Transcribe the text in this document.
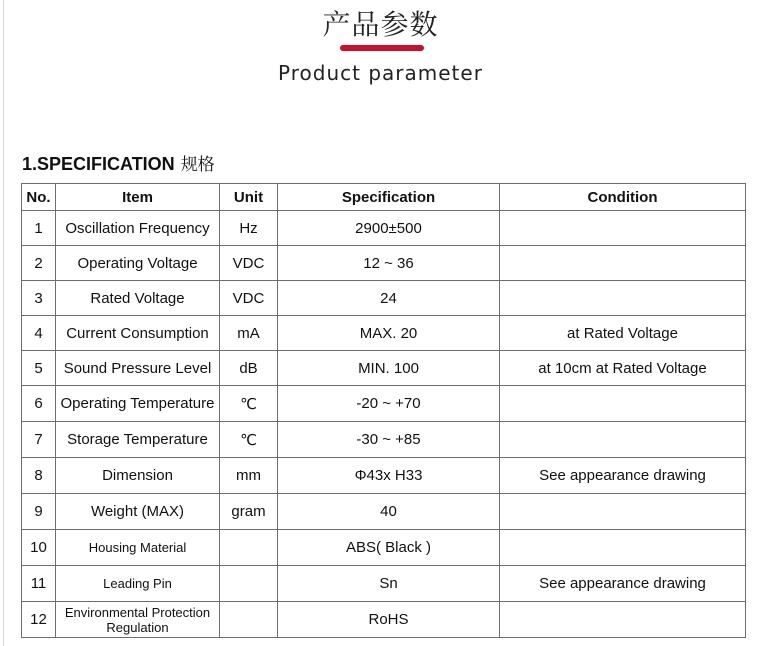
产品参数
Product parameter
1.SPECIFICATION 规格
No.	Item	Unit	Specification	Condition
1	Oscillation Frequency	Hz	2900±500	
2	Operating Voltage	VDC	12 ~ 36	
3	Rated Voltage	VDC	24	
4	Current Consumption	mA	MAX. 20	at Rated Voltage
5	Sound Pressure Level	dB	MIN. 100	at 10cm at Rated Voltage
6	Operating Temperature	℃	-20 ~ +70	
7	Storage Temperature	℃	-30 ~ +85	
8	Dimension	mm	Φ43x H33	See appearance drawing
9	Weight (MAX)	gram	40	
10	Housing Material		ABS( Black )	
11	Leading Pin		Sn	See appearance drawing
12	Environmental Protection Regulation		RoHS	
